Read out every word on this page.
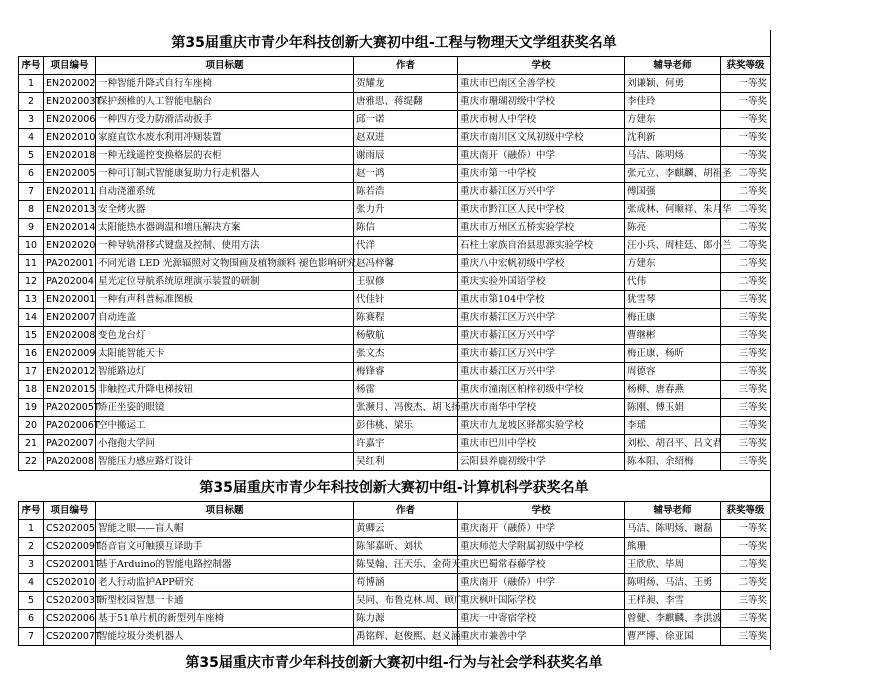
第35届重庆市青少年科技创新大赛初中组-工程与物理天文学组获奖名单
序号	项目编号	项目标题	作者	学校	辅导老师	获奖等级
1	EN202002	一种智能升降式自行车座椅	贺耀龙	重庆市巴南区全善学校	刘谦颖、何勇	一等奖
2	EN202003T	保护颈椎的人工智能电脑台	唐雅思、蒋缇翻	重庆市珊瑚初级中学校	李佳玲	一等奖
3	EN202006	一种四方受力防滑活动扳手	邱一诺	重庆市树人中学校	方建东	一等奖
4	EN202010	家庭直饮水废水利用冲厕装置	赵双进	重庆市南川区文凤初级中学校	沈利新	一等奖
5	EN202018	一种无线遥控变换格层的衣柜	谢雨辰	重庆南开（融侨）中学	马洁、陈明炀	一等奖
6	EN202005	一种可订制式智能康复助力行走机器人	赵一鸿	重庆市第一中学校	张元立、李麒麟、胡祖圣	二等奖
7	EN202011	自动浇灌系统	陈若浩	重庆市綦江区万兴中学	傅国强	二等奖
8	EN202013	安全烤火器	张力升	重庆市黔江区人民中学校	张成林、何顺祥、朱月华	二等奖
9	EN202014	太阳能热水器调温和增压解决方案	陈信	重庆市万州区五桥实验学校	陈亮	二等奖
10	EN202020	一种导轨滑移式键盘及控制、使用方法	代洋	石柱土家族自治县思源实验学校	汪小兵、周桂廷、郎小兰	二等奖
11	PA202001	不同光谱 LED 光源辐照对文物围画及植物颜料 褪色影响研究	赵冯梓馨	重庆八中宏帆初级中学校	方建东	二等奖
12	PA202004	星光定位导航系统原理演示装置的研制	王驭修	重庆实验外国语学校	代伟	二等奖
13	EN202001	一种有声科普标准图板	代佳针	重庆市第104中学校	犹雪琴	三等奖
14	EN202007	自动连盖	陈赛程	重庆市綦江区万兴中学	梅正康	三等奖
15	EN202008	变色龙台灯	杨敬航	重庆市綦江区万兴中学	曹继彬	三等奖
16	EN202009	太阳能智能天卡	张文杰	重庆市綦江区万兴中学	梅正康、杨昕	三等奖
17	EN202012	智能路边灯	梅锋睿	重庆市綦江区万兴中学	周德容	三等奖
18	EN202015	非触控式升降电梯按钮	杨雷	重庆市潼南区柏梓初级中学校	杨柳、唐春燕	三等奖
19	PA202005T	矫正坐姿的眼镜	张濒月、冯俊杰、胡飞扬	重庆市南华中学校	陈刚、傅玉娟	三等奖
20	PA202006T	空中搬运工	彭伟桃、梁乐	重庆市九龙坡区驿都实验学校	李瑶	三等奖
21	PA202007	小孢孢大学问	许嘉宇	重庆市巴川中学校	刘松、胡召平、吕文君	三等奖
22	PA202008	智能压力感应路灯设计	吴红利	云阳县养鹿初级中学	陈本阳、余绍梅	三等奖
第35届重庆市青少年科技创新大赛初中组-计算机科学获奖名单
序号	项目编号	项目标题	作者	学校	辅导老师	获奖等级
1	CS202005	智能之眼——盲人帽	黄卿云	重庆南开（融侨）中学	马洁、陈明炀、谢磊	一等奖
2	CS202009T	语音盲文可触摸互译助手	陈邹嘉昕、刘状	重庆师范大学附属初级中学校	熊珊	一等奖
3	CS202001T	基于Arduino的智能电路控制器	陈旻翰、汪天乐、金荷天	重庆巴蜀常春藤学校	王欣欣、毕周	二等奖
4	CS202010	老人行动监护APP研究	苟博涵	重庆南开（融侨）中学	陈明炀、马洁、王勇	二等奖
5	CS202003T	新型校园智慧一卡通	吴同、布鲁克林.周、顾广	重庆枫叶国际学校	王样昶、李雪	三等奖
6	CS202006	基于51单片机的新型列车座椅	陈力源	重庆一中寄宿学校	曾健、李麒麟、李洪波	三等奖
7	CS202007T	智能垃圾分类机器人	禹铭辉、赵俊熙、赵义涵	重庆市兼善中学	曹严博、徐亚国	三等奖
第35届重庆市青少年科技创新大赛初中组-行为与社会学科获奖名单
